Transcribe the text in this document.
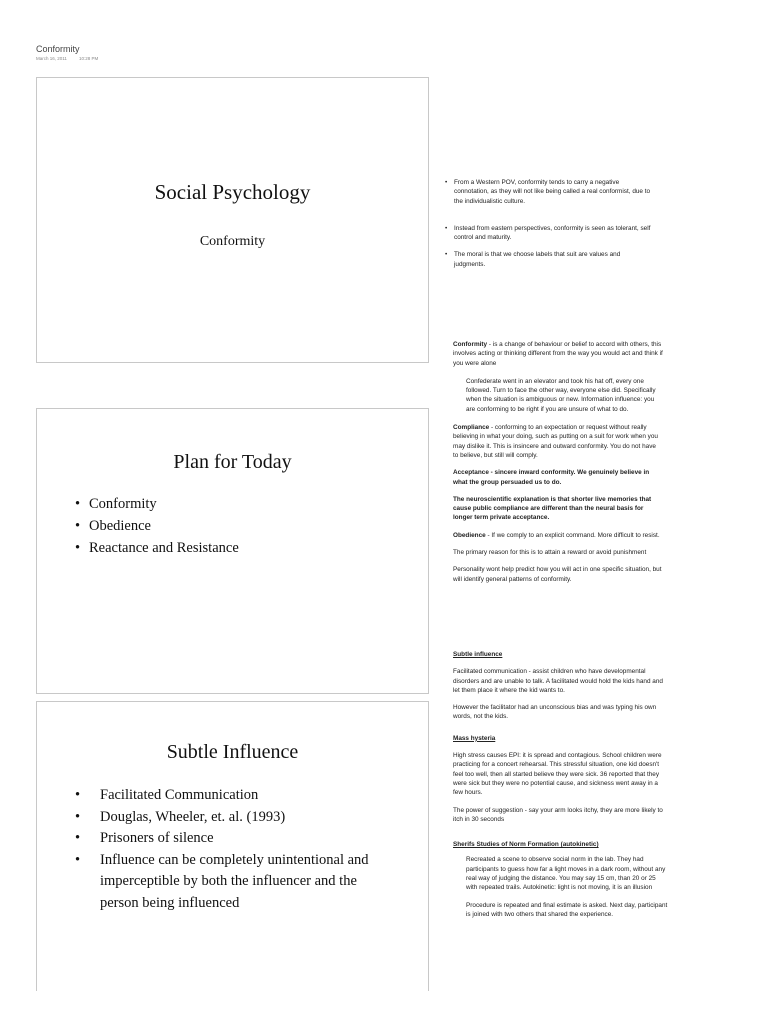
Conformity
March 16, 2011	10:28 PM
Social Psychology
Conformity
Plan for Today
• Conformity
• Obedience
• Reactance and Resistance
Subtle Influence
• Facilitated Communication
• Douglas, Wheeler, et. al. (1993)
• Prisoners of silence
• Influence can be completely unintentional and imperceptible by both the influencer and the person being influenced

• From a Western POV, conformity tends to carry a negative connotation, as they will not like being called a real conformist, due to the individualistic culture.

• Instead from eastern perspectives, conformity is seen as tolerant, self control and maturity.

• The moral is that we choose labels that suit are values and judgments.

Conformity - is a change of behaviour or belief to accord with others, this involves acting or thinking different from the way you would act and think if you were alone

Confederate went in an elevator and took his hat off, every one followed. Turn to face the other way, everyone else did. Specifically when the situation is ambiguous or new. Information influence: you are conforming to be right if you are unsure of what to do.

Compliance - conforming to an expectation or request without really believing in what your doing, such as putting on a suit for work when you may dislike it. This is insincere and outward conformity. You do not have to believe, but still will comply.

Acceptance - sincere inward conformity. We genuinely believe in what the group persuaded us to do.

The neuroscientific explanation is that shorter live memories that cause public compliance are different than the neural basis for longer term private acceptance.

Obedience - If we comply to an explicit command. More difficult to resist.

The primary reason for this is to attain a reward or avoid punishment

Personality wont help predict how you will act in one specific situation, but will identify general patterns of conformity.

Subtle influence

Facilitated communication - assist children who have developmental disorders and are unable to talk. A facilitated would hold the kids hand and let them place it where the kid wants to.

However the facilitator had an unconscious bias and was typing his own words, not the kids.

Mass hysteria

High stress causes EPI: it is spread and contagious. School children were practicing for a concert rehearsal. This stressful situation, one kid doesn't feel too well, then all started believe they were sick. 36 reported that they were sick but they were no potential cause, and sickness went away in a few hours.

The power of suggestion - say your arm looks itchy, they are more likely to itch in 30 seconds

Sherifs Studies of Norm Formation (autokinetic)

Recreated a scene to observe social norm in the lab. They had participants to guess how far a light moves in a dark room, without any real way of judging the distance. You may say 15 cm, than 20 or 25 with repeated trails. Autokinetic: light is not moving, it is an illusion

Procedure is repeated and final estimate is asked. Next day, participant is joined with two others that shared the experience.
